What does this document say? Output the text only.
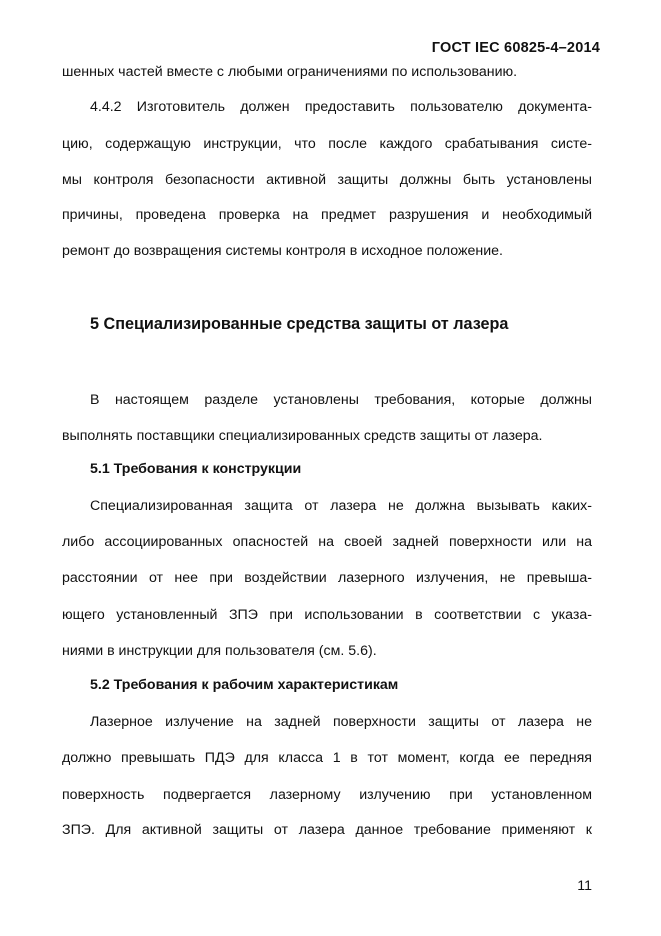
ГОСТ IEC 60825-4–2014
шенных частей вместе с любыми ограничениями по использованию.
4.4.2 Изготовитель должен предоставить пользователю документа-
цию, содержащую инструкции, что после каждого срабатывания систе-
мы контроля безопасности активной защиты должны быть установлены
причины, проведена проверка на предмет разрушения и необходимый
ремонт до возвращения системы контроля в исходное положение.
5 Специализированные средства защиты от лазера
В настоящем разделе установлены требования, которые должны
выполнять поставщики специализированных средств защиты от лазера.
5.1 Требования к конструкции
Специализированная защита от лазера не должна вызывать каких-
либо ассоциированных опасностей на своей задней поверхности или на
расстоянии от нее при воздействии лазерного излучения, не превыша-
ющего установленный ЗПЭ при использовании в соответствии с указа-
ниями в инструкции для пользователя (см. 5.6).
5.2 Требования к рабочим характеристикам
Лазерное излучение на задней поверхности защиты от лазера не
должно превышать ПДЭ для класса 1 в тот момент, когда ее передняя
поверхность подвергается лазерному излучению при установленном
ЗПЭ. Для активной защиты от лазера данное требование применяют к
11
